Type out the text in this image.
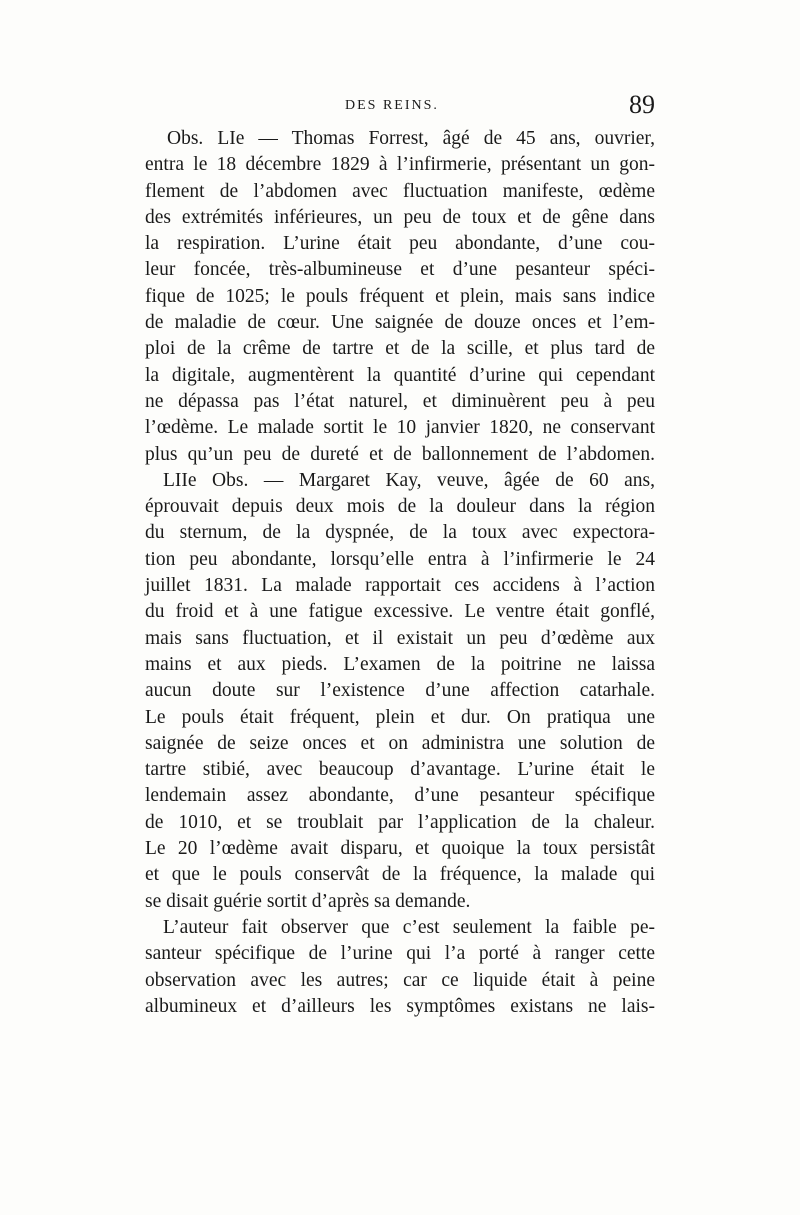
DES REINS.	89
Obs. LIe — Thomas Forrest, âgé de 45 ans, ouvrier,
entra le 18 décembre 1829 à l’infirmerie, présentant un gon-
flement de l’abdomen avec fluctuation manifeste, œdème
des extrémités inférieures, un peu de toux et de gêne dans
la respiration. L’urine était peu abondante, d’une cou-
leur foncée, très-albumineuse et d’une pesanteur spéci-
fique de 1025; le pouls fréquent et plein, mais sans indice
de maladie de cœur. Une saignée de douze onces et l’em-
ploi de la crême de tartre et de la scille, et plus tard de
la digitale, augmentèrent la quantité d’urine qui cependant
ne dépassa pas l’état naturel, et diminuèrent peu à peu
l’œdème. Le malade sortit le 10 janvier 1820, ne conservant
plus qu’un peu de dureté et de ballonnement de l’abdomen.
LIIe Obs. — Margaret Kay, veuve, âgée de 60 ans,
éprouvait depuis deux mois de la douleur dans la région
du sternum, de la dyspnée, de la toux avec expectora-
tion peu abondante, lorsqu’elle entra à l’infirmerie le 24
juillet 1831. La malade rapportait ces accidens à l’action
du froid et à une fatigue excessive. Le ventre était gonflé,
mais sans fluctuation, et il existait un peu d’œdème aux
mains et aux pieds. L’examen de la poitrine ne laissa
aucun doute sur l’existence d’une affection catarhale.
Le pouls était fréquent, plein et dur. On pratiqua une
saignée de seize onces et on administra une solution de
tartre stibié, avec beaucoup d’avantage. L’urine était le
lendemain assez abondante, d’une pesanteur spécifique
de 1010, et se troublait par l’application de la chaleur.
Le 20 l’œdème avait disparu, et quoique la toux persistât
et que le pouls conservât de la fréquence, la malade qui
se disait guérie sortit d’après sa demande.
L’auteur fait observer que c’est seulement la faible pe-
santeur spécifique de l’urine qui l’a porté à ranger cette
observation avec les autres; car ce liquide était à peine
albumineux et d’ailleurs les symptômes existans ne lais-
